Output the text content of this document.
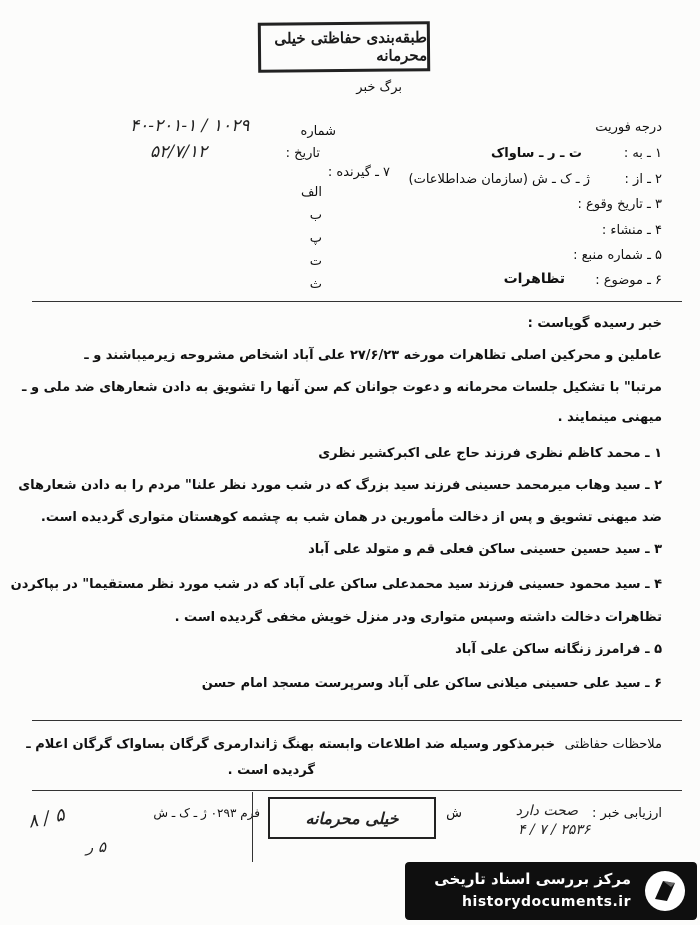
طبقه‌بندی حفاظتی خیلی محرمانه
برگ خبر
درجه فوریت
۱ ـ به :
ت ـ ر ـ ساواک
۲ ـ از :
ژ ـ ک ـ ش (سازمان ضداطلاعات)
۳ ـ تاریخ وقوع :
۴ ـ منشاء :
۵ ـ شماره منبع :
۶ ـ موضوع :
تظاهرات
شماره
۱۰۲۹ / ۴۰-۲۰۱-۱
تاریخ :
۵۲/۷/۱۲
۷ ـ گیرنده :
الف
ب
پ
ت
ث
خبر رسیده گویاست :
عاملین و محرکین اصلی تظاهرات مورخه ۲۷/۶/۲۳ علی آباد اشخاص مشروحه زیرمیباشند و ـ
مرتبا" با تشکیل جلسات محرمانه و دعوت جوانان کم سن آنها را تشویق به دادن شعارهای ضد ملی و ـ
میهنی مینمایند .
۱ ـ محمد کاظم نظری فرزند حاج علی اکبرکشیر نظری
۲ ـ سید وهاب میرمحمد حسینی فرزند سید بزرگ که در شب مورد نظر علنا" مردم را به دادن شعارهای
ضد میهنی تشویق و پس از دخالت مأمورین در همان شب به چشمه کوهستان متواری گردیده است.
۳ ـ سید حسین حسینی ساکن فعلی قم و متولد علی آباد
۴ ـ سید محمود حسینی فرزند سید محمدعلی ساکن علی آباد که در شب مورد نظر مستقیما" در بپاکردن
تظاهرات دخالت داشته وسپس متواری ودر منزل خویش مخفی گردیده است .
۵ ـ فرامرز زنگانه ساکن علی آباد
۶ ـ سید علی حسینی میلانی ساکن علی آباد وسرپرست مسجد امام حسن
ملاحظات حفاظتی
خبرمذکور وسیله ضد اطلاعات وابسته بهنگ ژاندارمری گرگان بساواک گرگان اعلام ـ
گردیده است .
ارزیابی خبر :
صحت دارد
ش
۲۵۳۶ / ۷ / ۴
خیلی محرمانه
فرم ۰۲۹۳ ژ ـ ک ـ ش
۵ / ۸
۵ ر
مرکز بررسی اسناد تاریخی
historydocuments.ir
